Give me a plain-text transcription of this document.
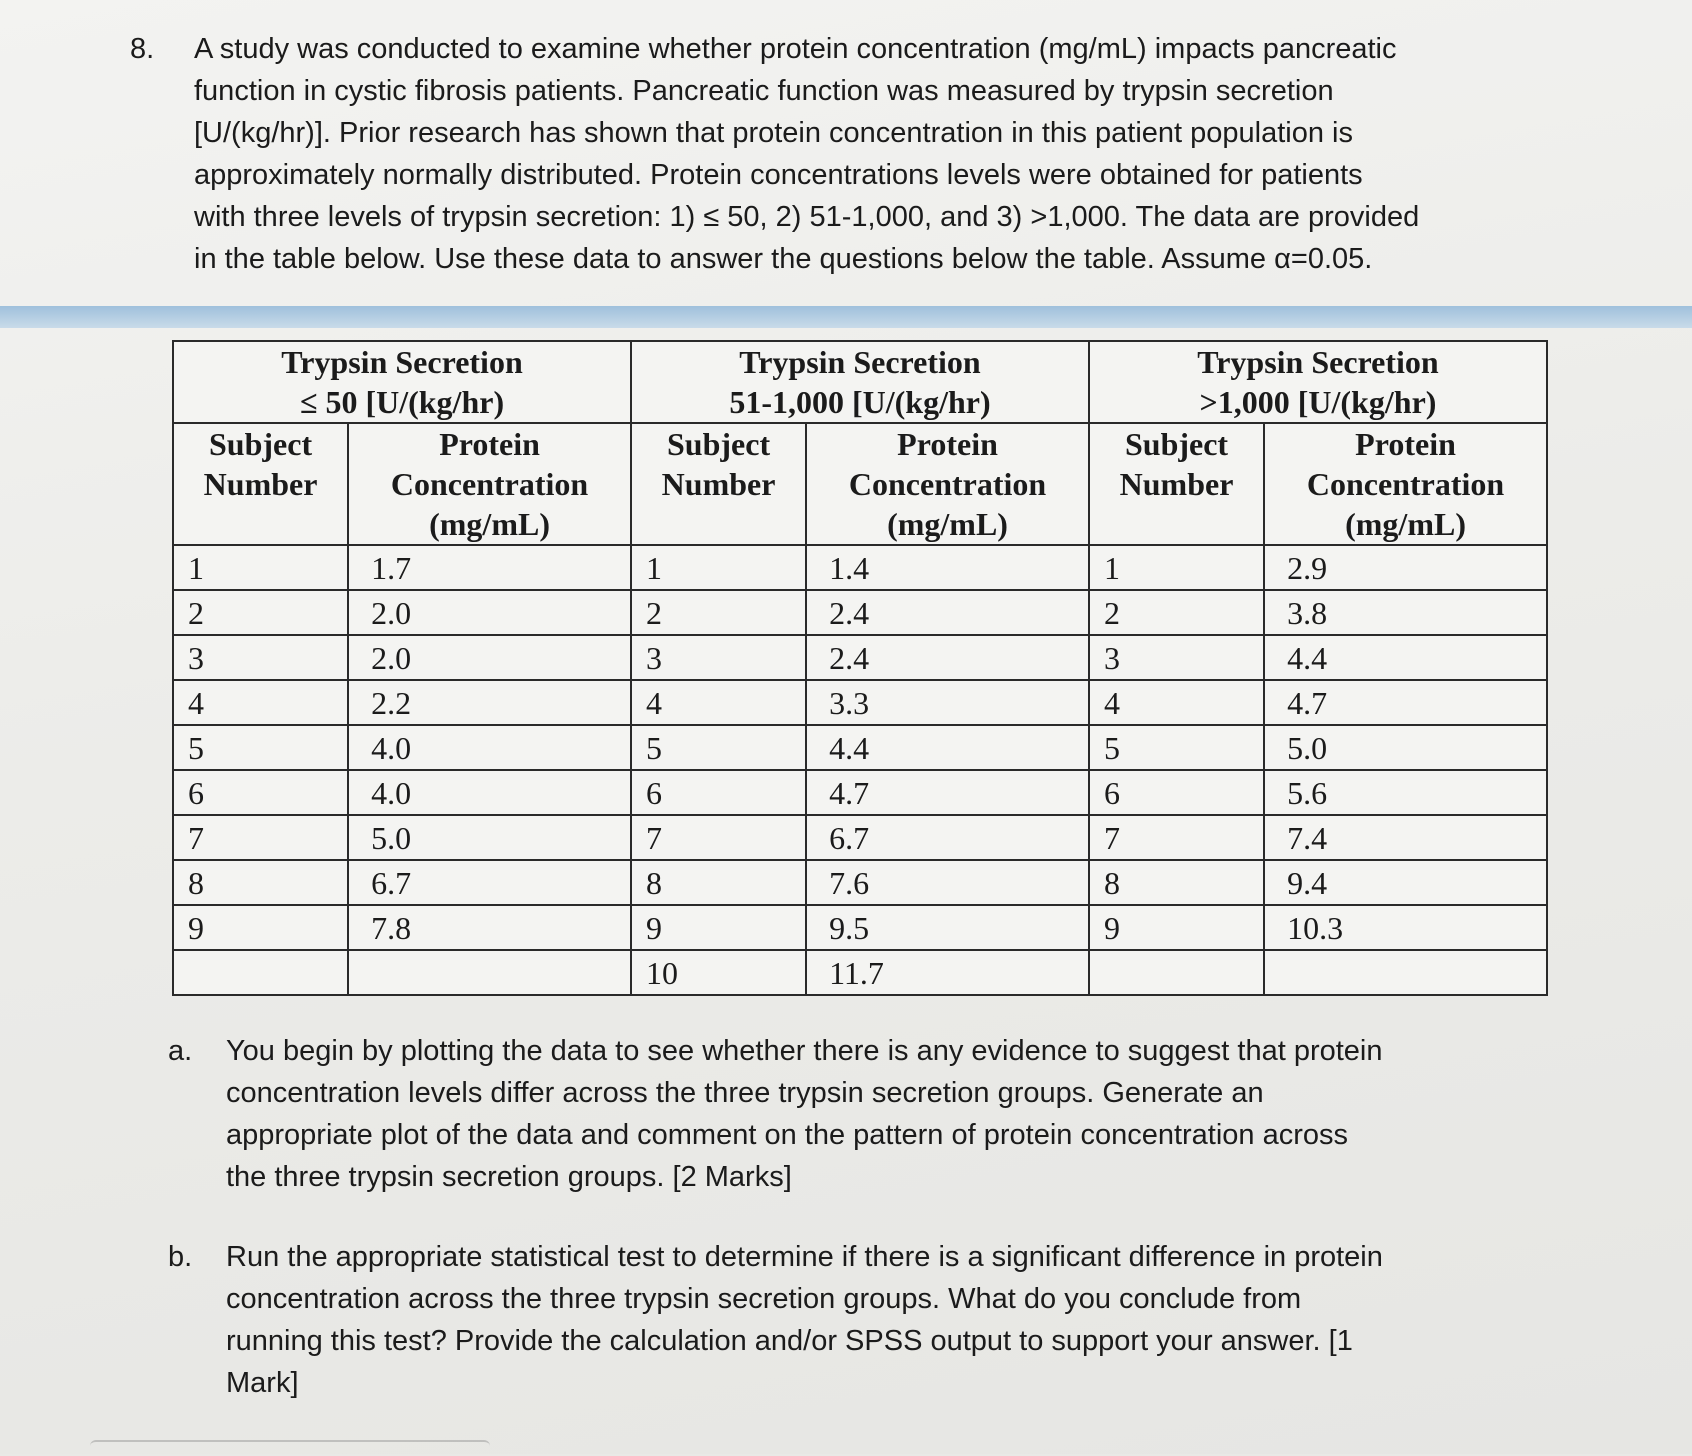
8. A study was conducted to examine whether protein concentration (mg/mL) impacts pancreatic
function in cystic fibrosis patients. Pancreatic function was measured by trypsin secretion
[U/(kg/hr)]. Prior research has shown that protein concentration in this patient population is
approximately normally distributed. Protein concentrations levels were obtained for patients
with three levels of trypsin secretion: 1) ≤ 50, 2) 51-1,000, and 3) >1,000. The data are provided
in the table below. Use these data to answer the questions below the table. Assume α=0.05.
Trypsin Secretion
≤ 50 [U/(kg/hr)		Trypsin Secretion
51-1,000 [U/(kg/hr)		Trypsin Secretion
>1,000 [U/(kg/hr)	
Subject
Number	Protein
Concentration
(mg/mL)	Subject
Number	Protein
Concentration
(mg/mL)	Subject
Number	Protein
Concentration
(mg/mL)
1	1.7	1	1.4	1	2.9
2	2.0	2	2.4	2	3.8
3	2.0	3	2.4	3	4.4
4	2.2	4	3.3	4	4.7
5	4.0	5	4.4	5	5.0
6	4.0	6	4.7	6	5.6
7	5.0	7	6.7	7	7.4
8	6.7	8	7.6	8	9.4
9	7.8	9	9.5	9	10.3
		10	11.7		
a. You begin by plotting the data to see whether there is any evidence to suggest that protein
concentration levels differ across the three trypsin secretion groups. Generate an
appropriate plot of the data and comment on the pattern of protein concentration across
the three trypsin secretion groups. [2 Marks]
b. Run the appropriate statistical test to determine if there is a significant difference in protein
concentration across the three trypsin secretion groups. What do you conclude from
running this test? Provide the calculation and/or SPSS output to support your answer. [1
Mark]
